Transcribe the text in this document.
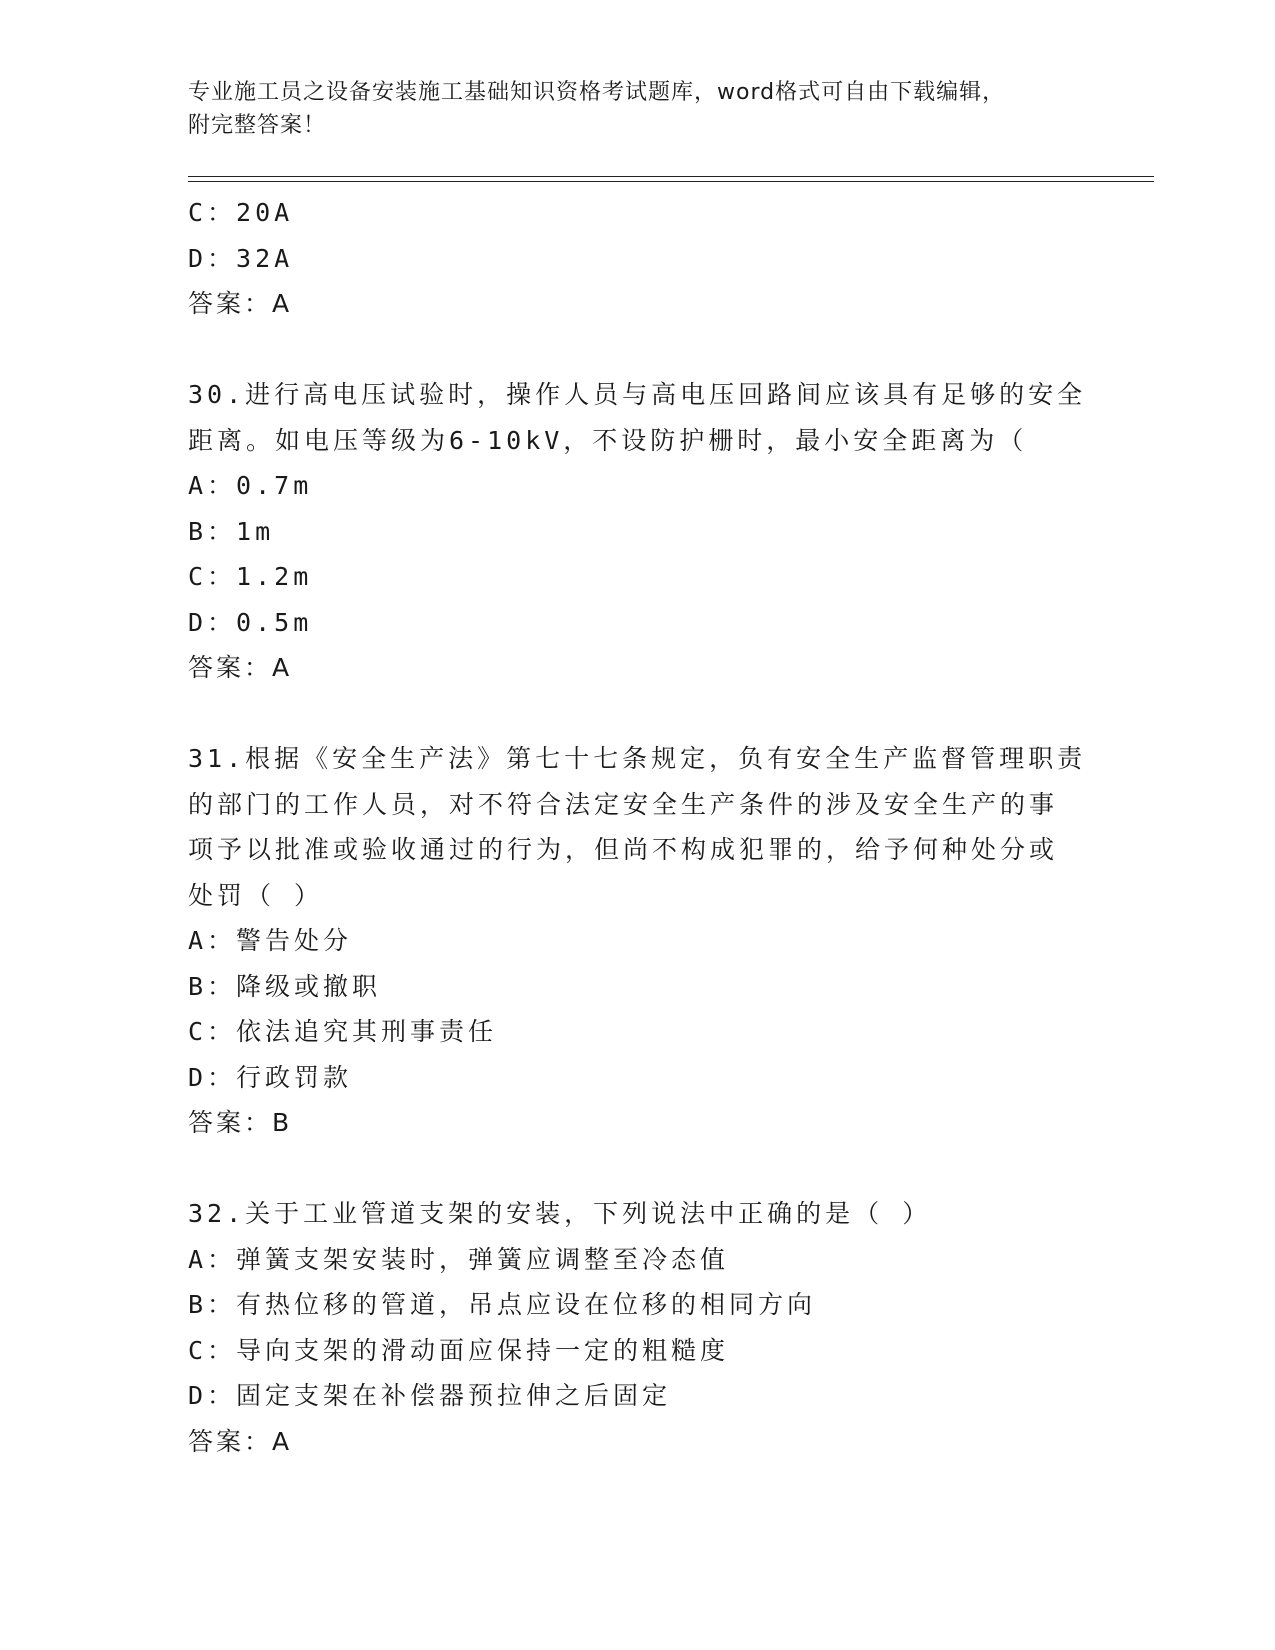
专业施工员之设备安装施工基础知识资格考试题库，word格式可自由下载编辑，
附完整答案！
C：20A
D：32A
答案：A
30.进行高电压试验时，操作人员与高电压回路间应该具有足够的安全
距离。如电压等级为6-10kV，不设防护栅时，最小安全距离为（
A：0.7m
B：1m
C：1.2m
D：0.5m
答案：A
31.根据《安全生产法》第七十七条规定，负有安全生产监督管理职责
的部门的工作人员，对不符合法定安全生产条件的涉及安全生产的事
项予以批准或验收通过的行为，但尚不构成犯罪的，给予何种处分或
处罚（ ）
A：警告处分
B：降级或撤职
C：依法追究其刑事责任
D：行政罚款
答案：B
32.关于工业管道支架的安装，下列说法中正确的是（ ）
A：弹簧支架安装时，弹簧应调整至冷态值
B：有热位移的管道，吊点应设在位移的相同方向
C：导向支架的滑动面应保持一定的粗糙度
D：固定支架在补偿器预拉伸之后固定
答案：A
